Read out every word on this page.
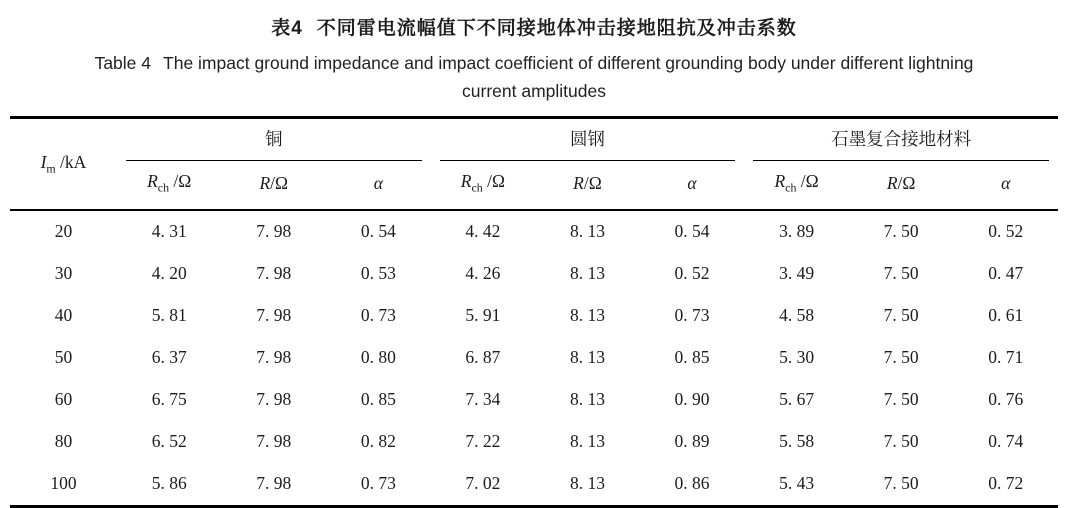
表4 不同雷电流幅值下不同接地体冲击接地阻抗及冲击系数
Table 4 The impact ground impedance and impact coefficient of different grounding body under different lightning
current amplitudes
$I_m$ /kA	铜			圆钢			石墨复合接地材料		

	$R_{ch}$ /Ω	R/Ω	α	$R_{ch}$ /Ω	R/Ω	α	$R_{ch}$ /Ω	R/Ω	α
20	4. 31	7. 98	0. 54	4. 42	8. 13	0. 54	3. 89	7. 50	0. 52
30	4. 20	7. 98	0. 53	4. 26	8. 13	0. 52	3. 49	7. 50	0. 47
40	5. 81	7. 98	0. 73	5. 91	8. 13	0. 73	4. 58	7. 50	0. 61
50	6. 37	7. 98	0. 80	6. 87	8. 13	0. 85	5. 30	7. 50	0. 71
60	6. 75	7. 98	0. 85	7. 34	8. 13	0. 90	5. 67	7. 50	0. 76
80	6. 52	7. 98	0. 82	7. 22	8. 13	0. 89	5. 58	7. 50	0. 74
100	5. 86	7. 98	0. 73	7. 02	8. 13	0. 86	5. 43	7. 50	0. 72
